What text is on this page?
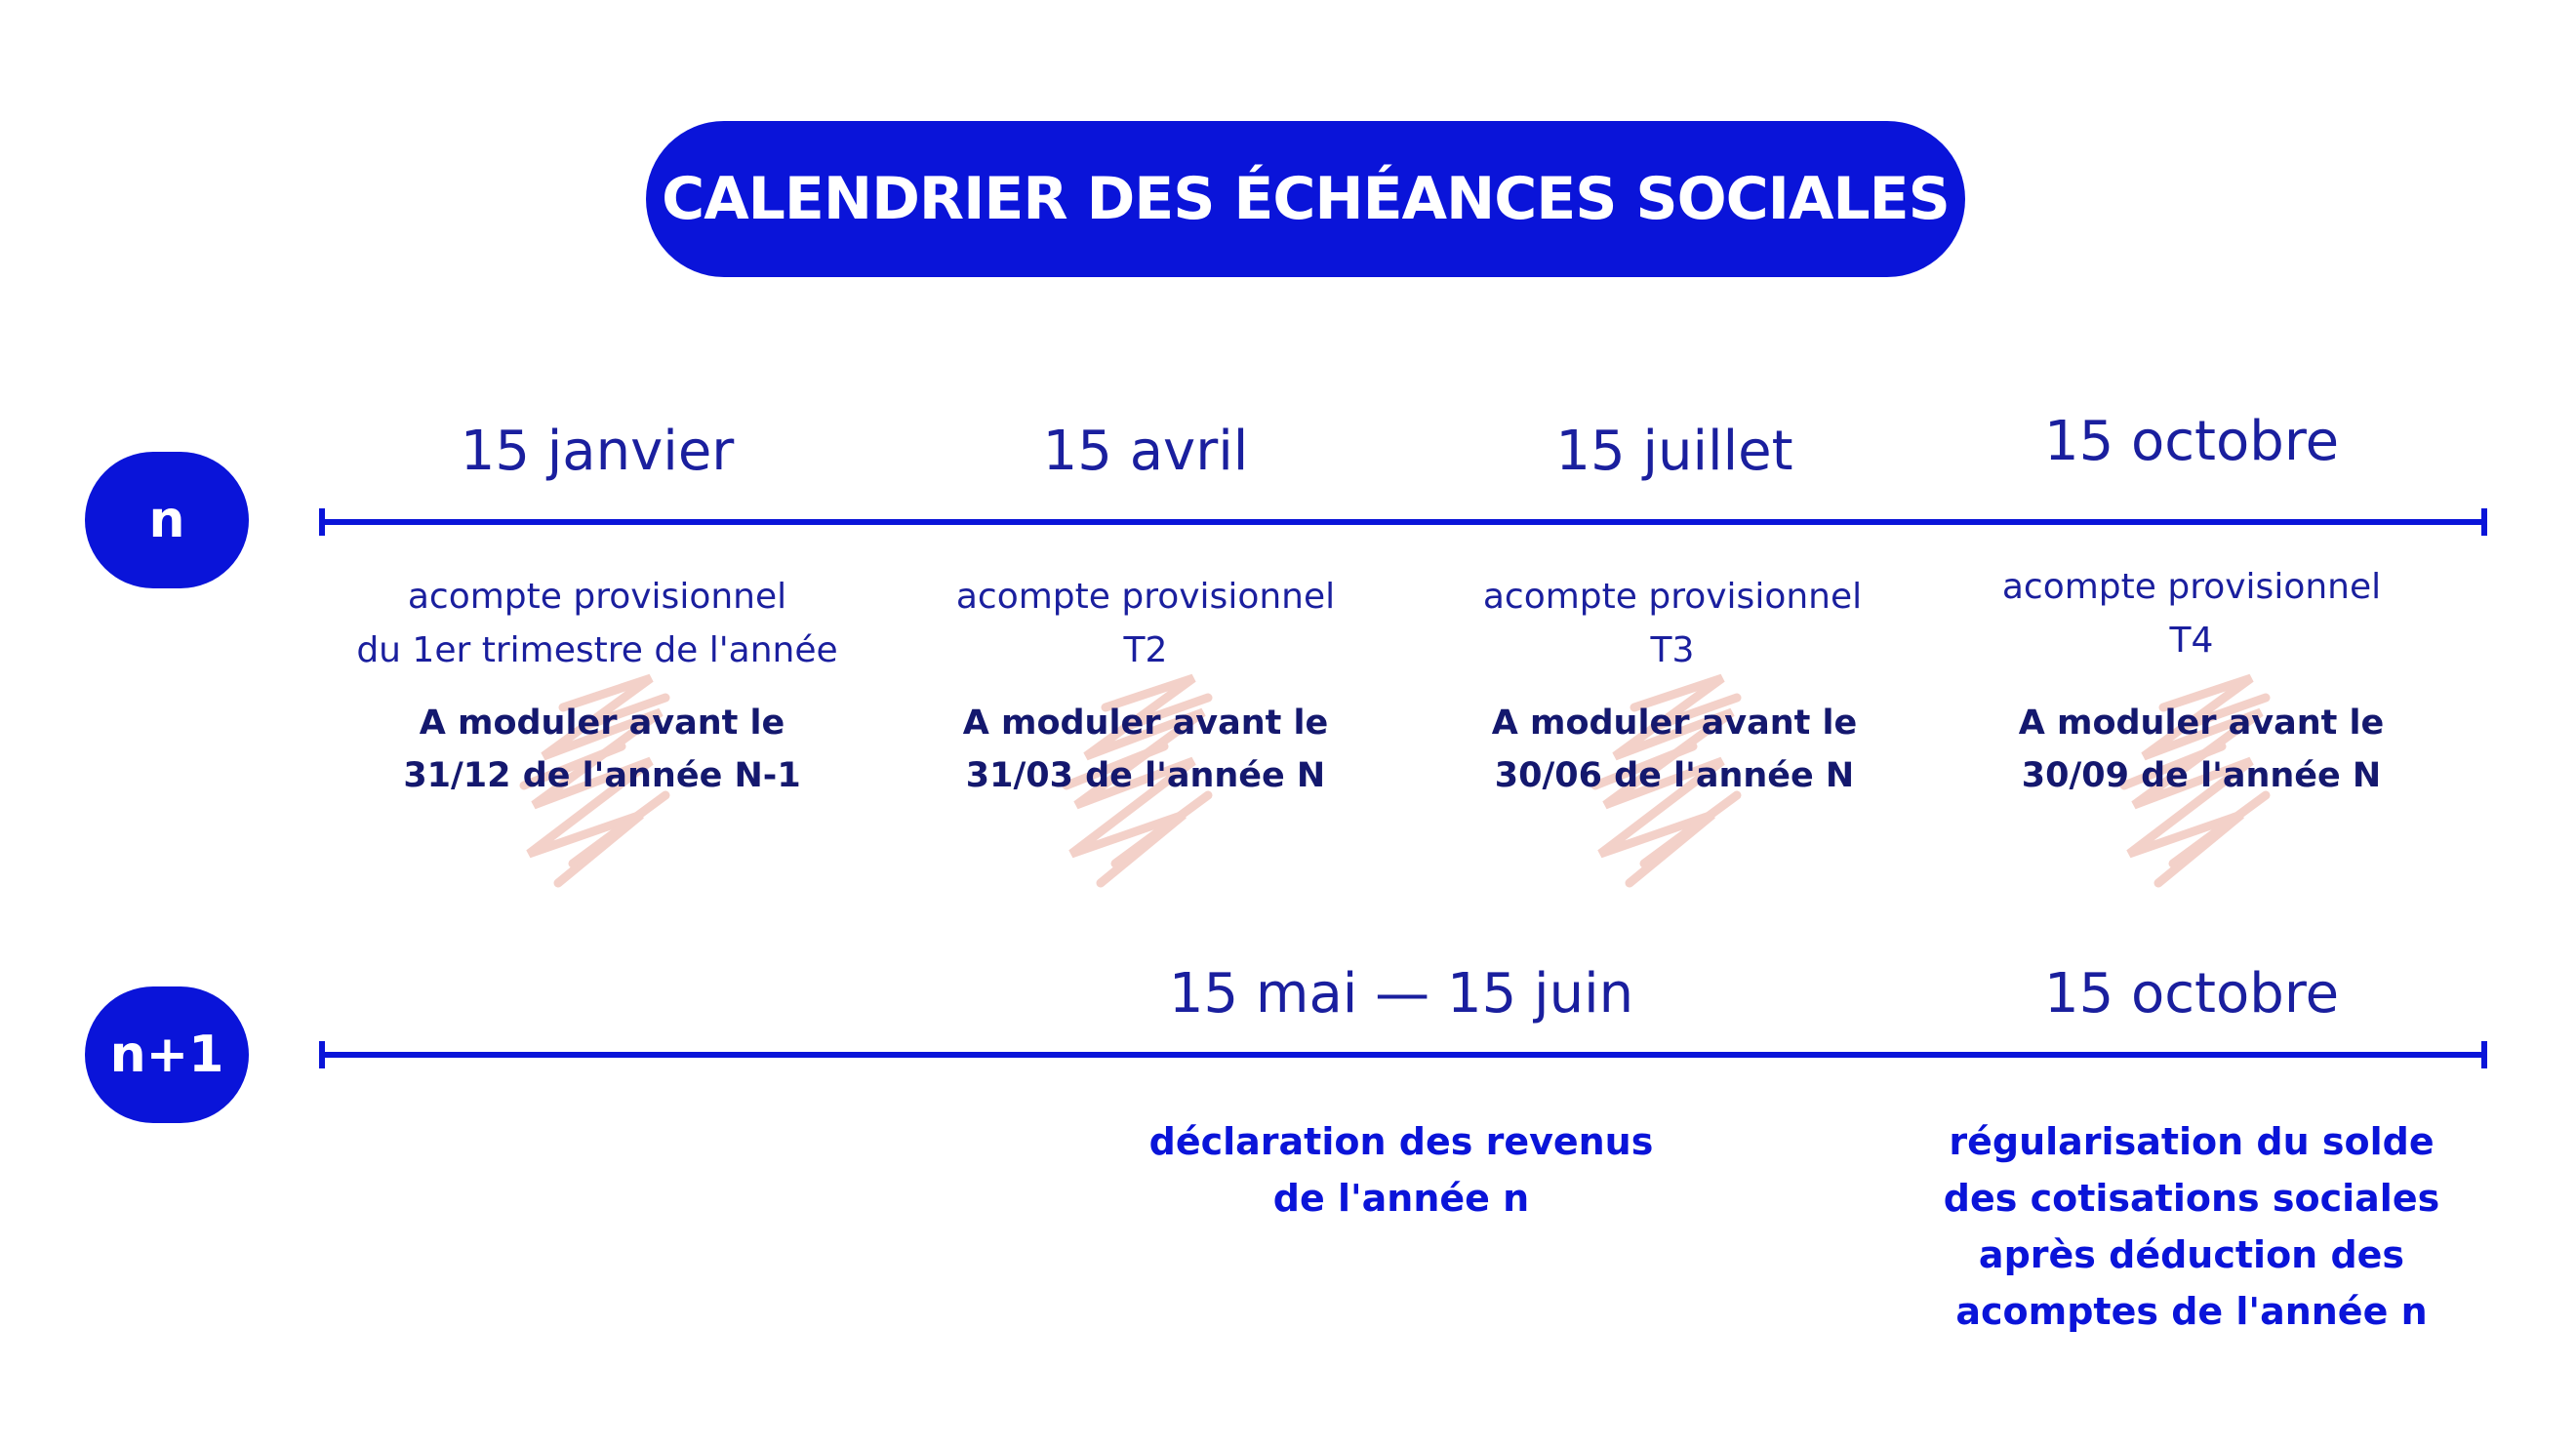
CALENDRIER DES ÉCHÉANCES SOCIALES
n
n+1
15 janvier
acompte provisionnel
du 1er trimestre de l'année
A moduler avant le
31/12 de l'année N-1
15 avril
acompte provisionnel
T2
A moduler avant le
31/03 de l'année N
15 juillet
acompte provisionnel
T3
A moduler avant le
30/06 de l'année N
15 octobre
acompte provisionnel
T4
A moduler avant le
30/09 de l'année N
15 mai — 15 juin
déclaration des revenus
de l'année n
15 octobre
régularisation du solde
des cotisations sociales
après déduction des
acomptes de l'année n
